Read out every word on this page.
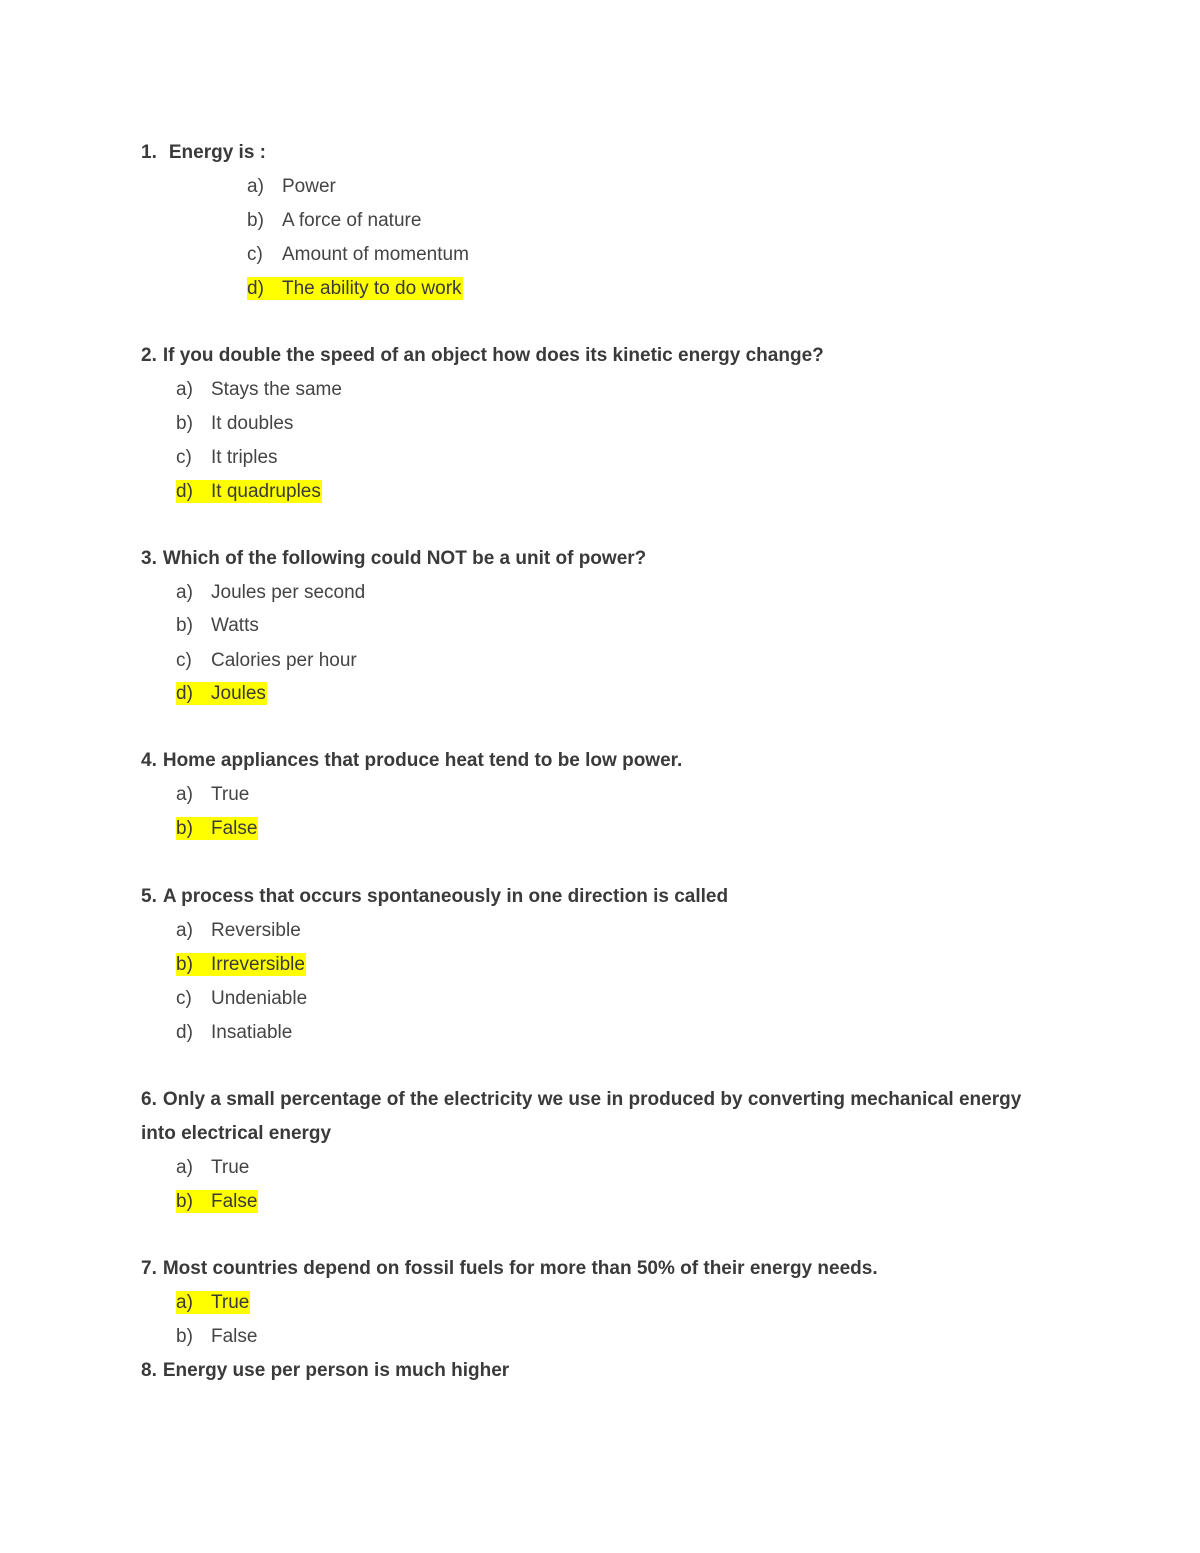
1. Energy is :
a) Power
b) A force of nature
c) Amount of momentum
d) The ability to do work
2. If you double the speed of an object how does its kinetic energy change?
a) Stays the same
b) It doubles
c) It triples
d) It quadruples
3. Which of the following could NOT be a unit of power?
a) Joules per second
b) Watts
c) Calories per hour
d) Joules
4. Home appliances that produce heat tend to be low power.
a) True
b) False
5. A process that occurs spontaneously in one direction is called
a) Reversible
b) Irreversible
c) Undeniable
d) Insatiable
6. Only a small percentage of the electricity we use in produced by converting mechanical energy into electrical energy
a) True
b) False
7. Most countries depend on fossil fuels for more than 50% of their energy needs.
a) True
b) False
8. Energy use per person is much higher
